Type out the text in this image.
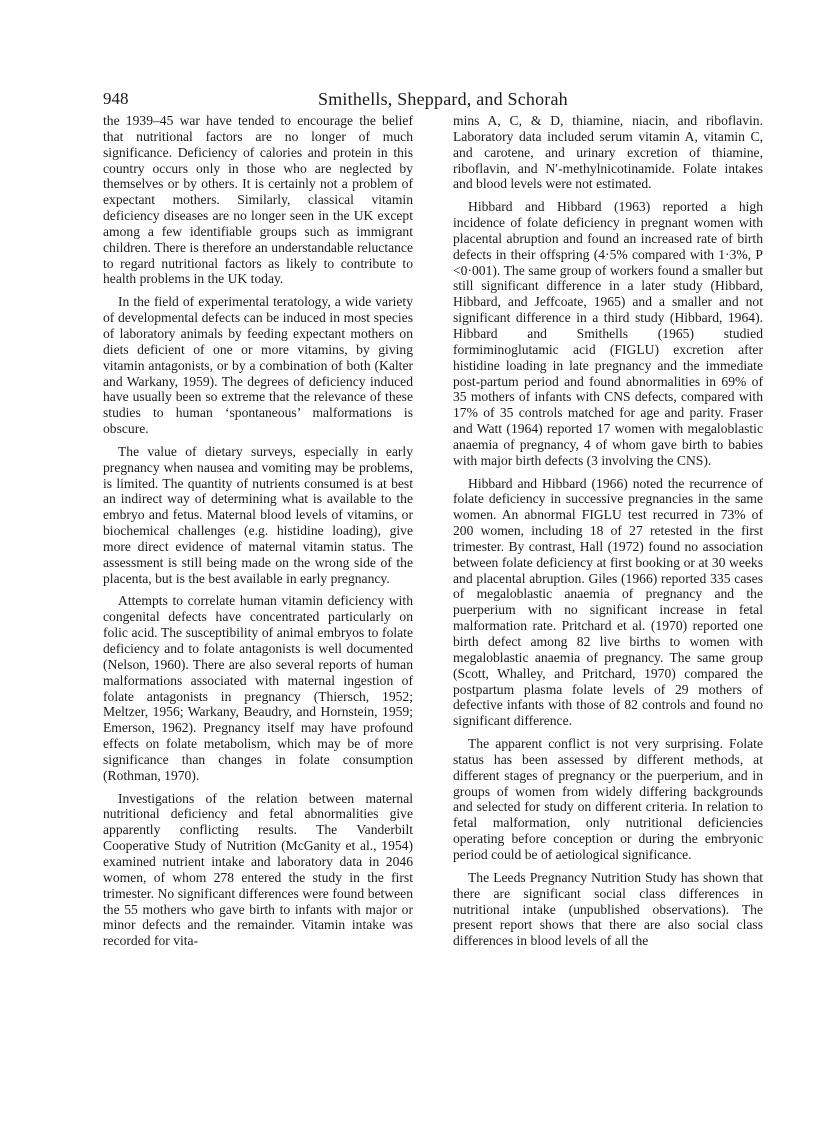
948	Smithells, Sheppard, and Schorah

the 1939–45 war have tended to encourage the belief that nutritional factors are no longer of much significance. Deficiency of calories and protein in this country occurs only in those who are neglected by themselves or by others. It is certainly not a problem of expectant mothers. Similarly, classical vitamin deficiency diseases are no longer seen in the UK except among a few identifiable groups such as immigrant children. There is therefore an understandable reluctance to regard nutritional factors as likely to contribute to health problems in the UK today.

In the field of experimental teratology, a wide variety of developmental defects can be induced in most species of laboratory animals by feeding expectant mothers on diets deficient of one or more vitamins, by giving vitamin antagonists, or by a combination of both (Kalter and Warkany, 1959). The degrees of deficiency induced have usually been so extreme that the relevance of these studies to human ‘spontaneous’ malformations is obscure.

The value of dietary surveys, especially in early pregnancy when nausea and vomiting may be problems, is limited. The quantity of nutrients consumed is at best an indirect way of determining what is available to the embryo and fetus. Maternal blood levels of vitamins, or biochemical challenges (e.g. histidine loading), give more direct evidence of maternal vitamin status. The assessment is still being made on the wrong side of the placenta, but is the best available in early pregnancy.

Attempts to correlate human vitamin deficiency with congenital defects have concentrated particularly on folic acid. The susceptibility of animal embryos to folate deficiency and to folate antagonists is well documented (Nelson, 1960). There are also several reports of human malformations associated with maternal ingestion of folate antagonists in pregnancy (Thiersch, 1952; Meltzer, 1956; Warkany, Beaudry, and Hornstein, 1959; Emerson, 1962). Pregnancy itself may have profound effects on folate metabolism, which may be of more significance than changes in folate consumption (Rothman, 1970).

Investigations of the relation between maternal nutritional deficiency and fetal abnormalities give apparently conflicting results. The Vanderbilt Cooperative Study of Nutrition (McGanity et al., 1954) examined nutrient intake and laboratory data in 2046 women, of whom 278 entered the study in the first trimester. No significant differences were found between the 55 mothers who gave birth to infants with major or minor defects and the remainder. Vitamin intake was recorded for vita-

mins A, C, & D, thiamine, niacin, and riboflavin. Laboratory data included serum vitamin A, vitamin C, and carotene, and urinary excretion of thiamine, riboflavin, and N′-methylnicotinamide. Folate intakes and blood levels were not estimated.

Hibbard and Hibbard (1963) reported a high incidence of folate deficiency in pregnant women with placental abruption and found an increased rate of birth defects in their offspring (4·5% compared with 1·3%, P <0·001). The same group of workers found a smaller but still significant difference in a later study (Hibbard, Hibbard, and Jeffcoate, 1965) and a smaller and not significant difference in a third study (Hibbard, 1964). Hibbard and Smithells (1965) studied formiminoglutamic acid (FIGLU) excretion after histidine loading in late pregnancy and the immediate post-partum period and found abnormalities in 69% of 35 mothers of infants with CNS defects, compared with 17% of 35 controls matched for age and parity. Fraser and Watt (1964) reported 17 women with megaloblastic anaemia of pregnancy, 4 of whom gave birth to babies with major birth defects (3 involving the CNS).

Hibbard and Hibbard (1966) noted the recurrence of folate deficiency in successive pregnancies in the same women. An abnormal FIGLU test recurred in 73% of 200 women, including 18 of 27 retested in the first trimester. By contrast, Hall (1972) found no association between folate deficiency at first booking or at 30 weeks and placental abruption. Giles (1966) reported 335 cases of megaloblastic anaemia of pregnancy and the puerperium with no significant increase in fetal malformation rate. Pritchard et al. (1970) reported one birth defect among 82 live births to women with megaloblastic anaemia of pregnancy. The same group (Scott, Whalley, and Pritchard, 1970) compared the postpartum plasma folate levels of 29 mothers of defective infants with those of 82 controls and found no significant difference.

The apparent conflict is not very surprising. Folate status has been assessed by different methods, at different stages of pregnancy or the puerperium, and in groups of women from widely differing backgrounds and selected for study on different criteria. In relation to fetal malformation, only nutritional deficiencies operating before conception or during the embryonic period could be of aetiological significance.

The Leeds Pregnancy Nutrition Study has shown that there are significant social class differences in nutritional intake (unpublished observations). The present report shows that there are also social class differences in blood levels of all the
